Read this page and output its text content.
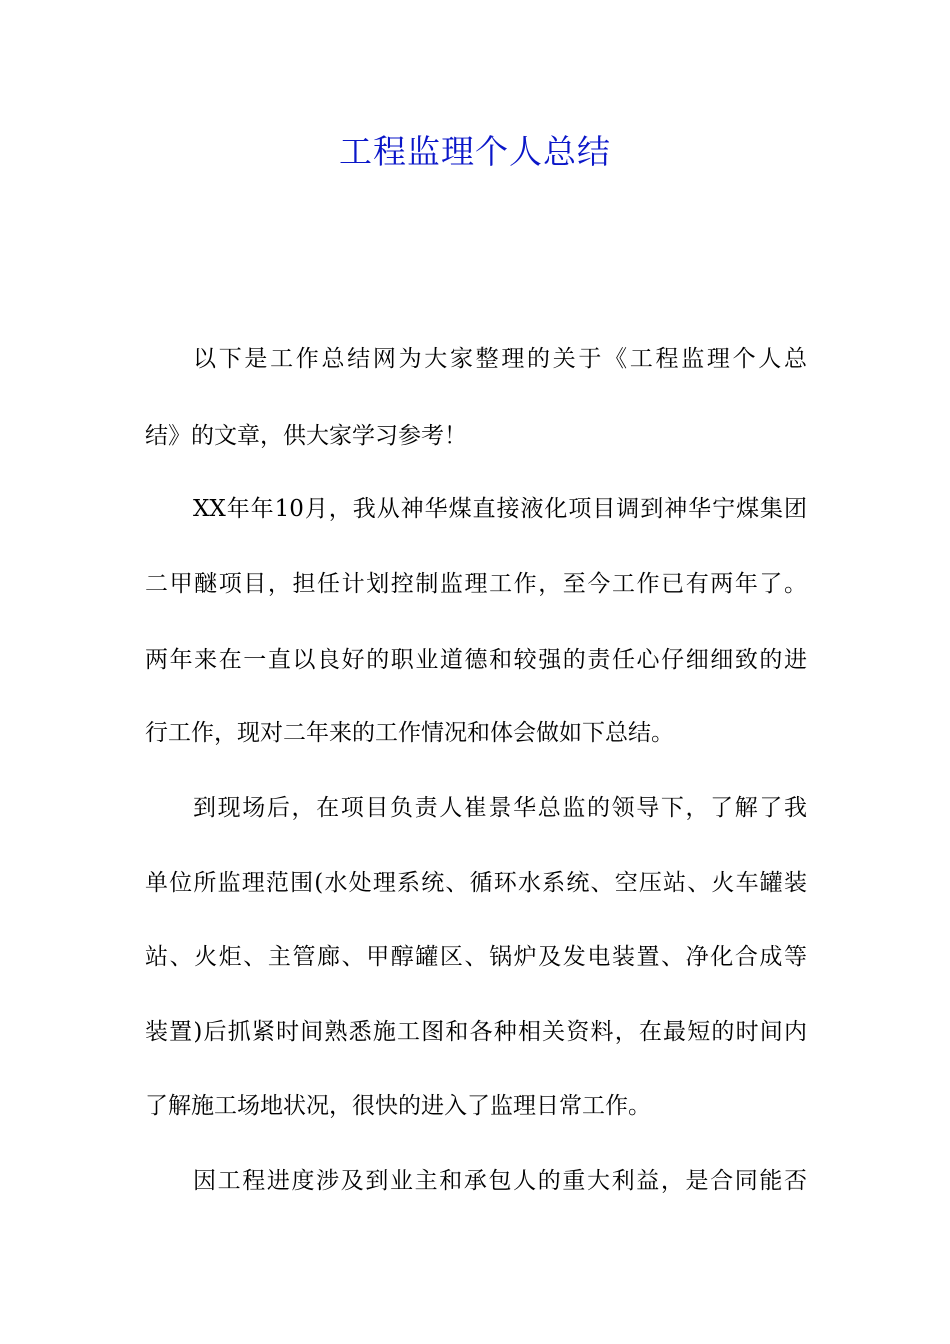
工程监理个人总结
以下是工作总结网为大家整理的关于《工程监理个人总
结》的文章，供大家学习参考！
XX年年10月，我从神华煤直接液化项目调到神华宁煤集团
二甲醚项目，担任计划控制监理工作，至今工作已有两年了。
两年来在一直以良好的职业道德和较强的责任心仔细细致的进
行工作，现对二年来的工作情况和体会做如下总结。
到现场后，在项目负责人崔景华总监的领导下，了解了我
单位所监理范围(水处理系统、循环水系统、空压站、火车罐装
站、火炬、主管廊、甲醇罐区、锅炉及发电装置、净化合成等
装置)后抓紧时间熟悉施工图和各种相关资料，在最短的时间内
了解施工场地状况，很快的进入了监理日常工作。
因工程进度涉及到业主和承包人的重大利益，是合同能否
